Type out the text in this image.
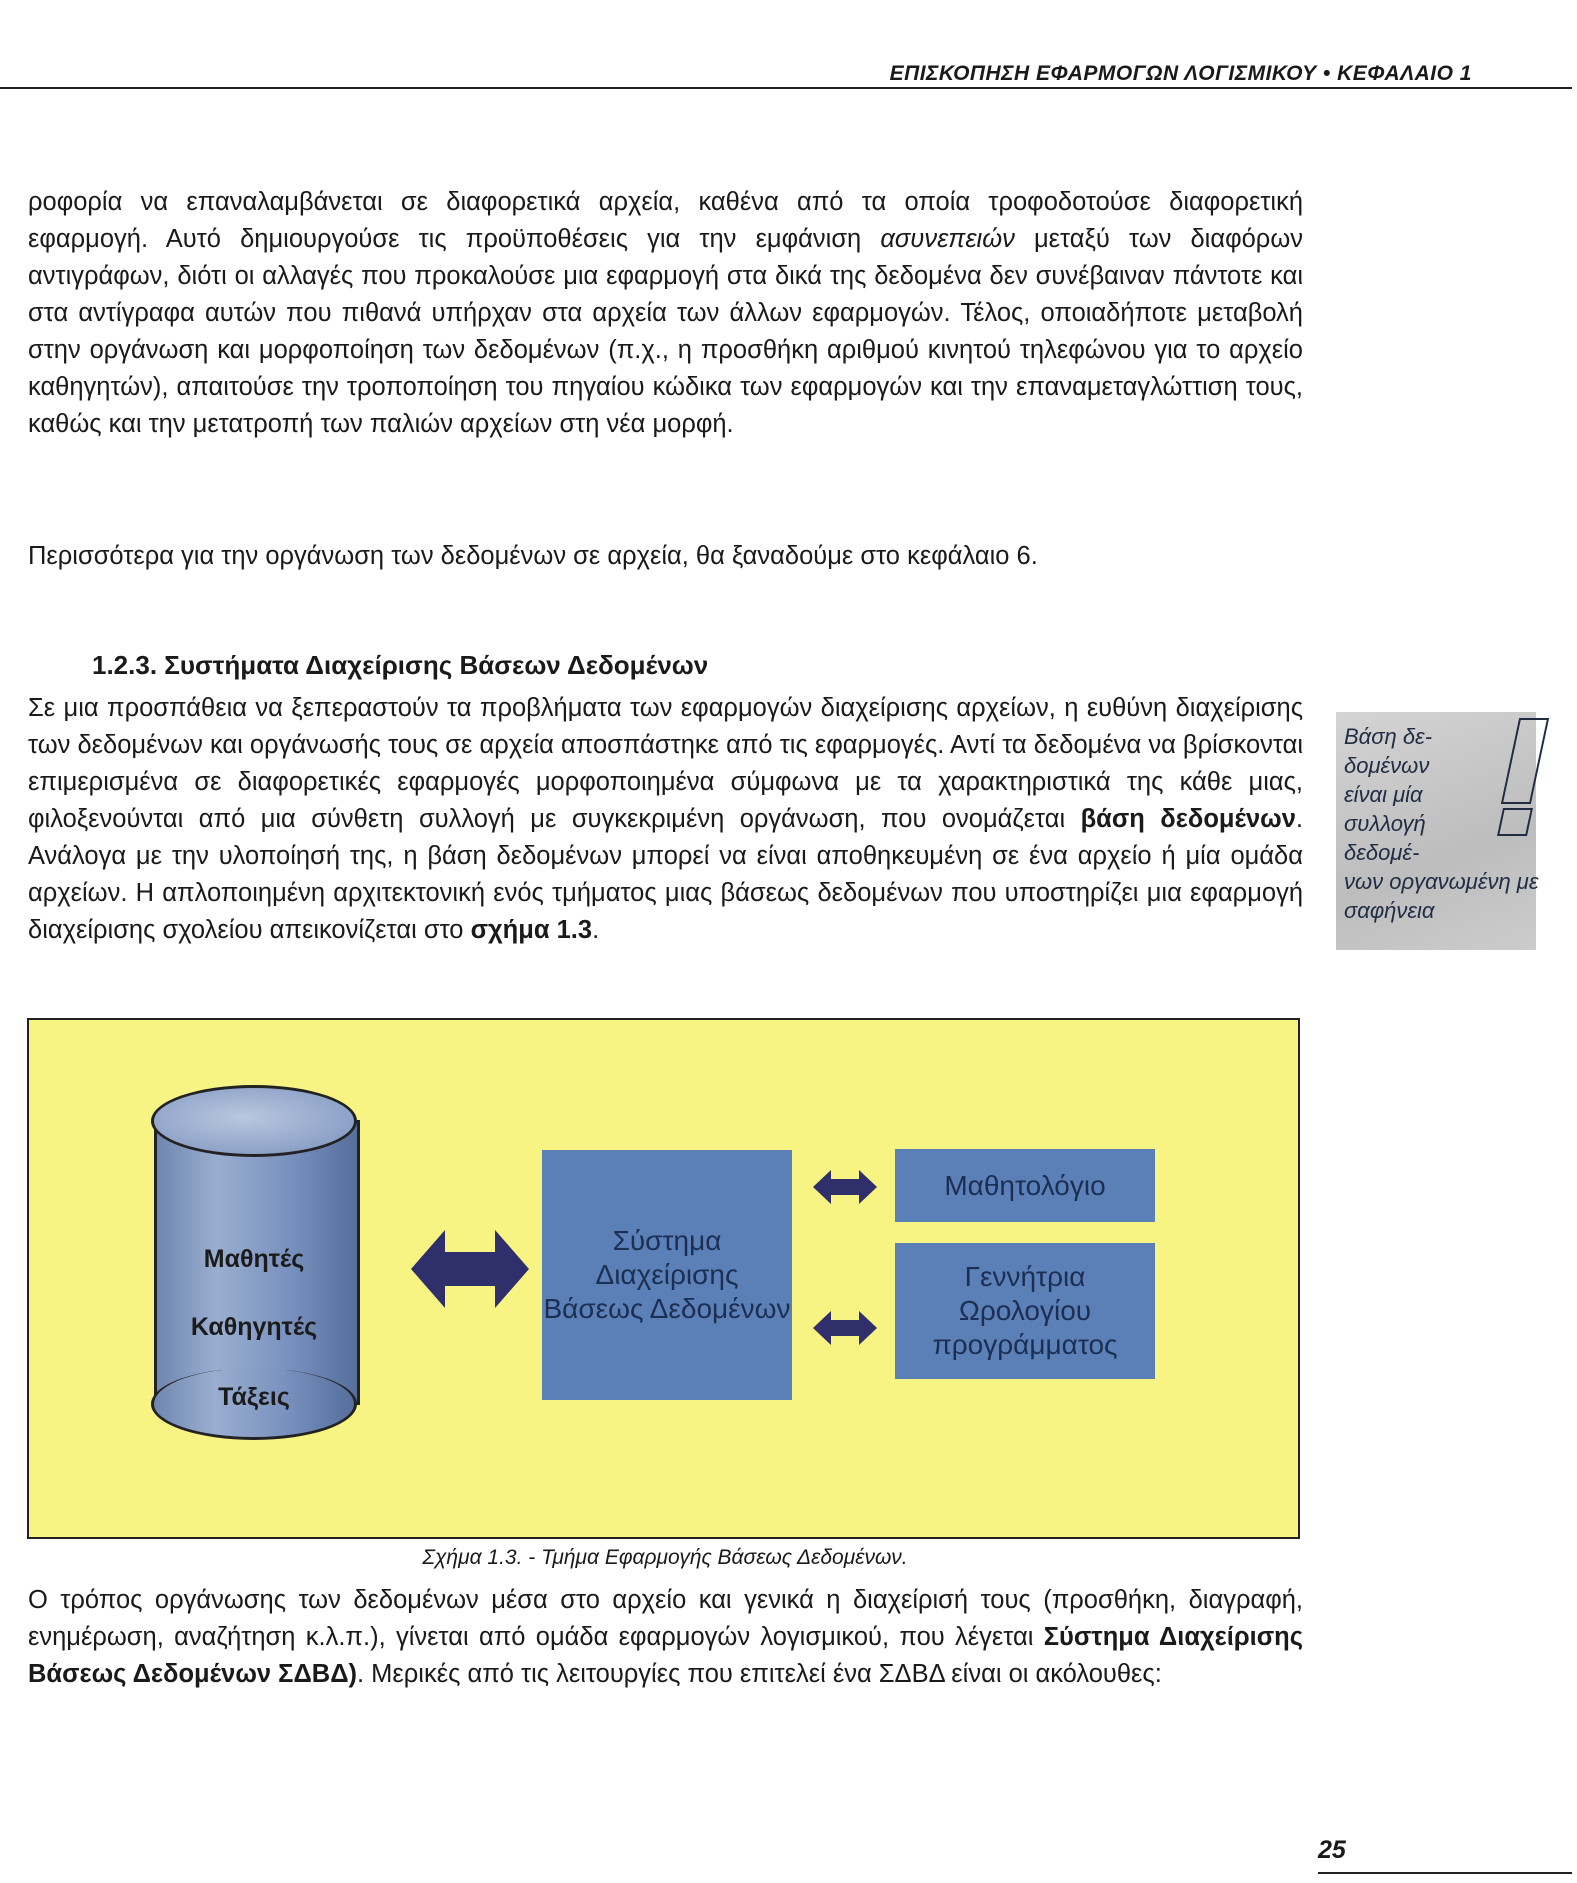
ΕΠΙΣΚΟΠΗΣΗ ΕΦΑΡΜΟΓΩΝ ΛΟΓΙΣΜΙΚΟΥ • ΚΕΦΑΛΑΙΟ 1

ροφορία να επαναλαμβάνεται σε διαφορετικά αρχεία, καθένα από τα οποία τροφοδοτούσε διαφορετική εφαρμογή. Αυτό δημιουργούσε τις προϋποθέσεις για την εμφάνιση ασυνεπειών μεταξύ των διαφόρων αντιγράφων, διότι οι αλλαγές που προκαλούσε μια εφαρμογή στα δικά της δεδομένα δεν συνέβαιναν πάντοτε και στα αντίγραφα αυτών που πιθανά υπήρχαν στα αρχεία των άλλων εφαρμογών. Τέλος, οποιαδήποτε μεταβολή στην οργάνωση και μορφοποίηση των δεδομένων (π.χ., η προσθήκη αριθμού κινητού τηλεφώνου για το αρχείο καθηγητών), απαιτούσε την τροποποίηση του πηγαίου κώδικα των εφαρμογών και την επαναμεταγλώττιση τους, καθώς και την μετατροπή των παλιών αρχείων στη νέα μορφή.

Περισσότερα για την οργάνωση των δεδομένων σε αρχεία, θα ξαναδούμε στο κεφάλαιο 6.

1.2.3. Συστήματα Διαχείρισης Βάσεων Δεδομένων

Σε μια προσπάθεια να ξεπεραστούν τα προβλήματα των εφαρμογών διαχείρισης αρχείων, η ευθύνη διαχείρισης των δεδομένων και οργάνωσής τους σε αρχεία αποσπάστηκε από τις εφαρμογές. Αντί τα δεδομένα να βρίσκονται επιμερισμένα σε διαφορετικές εφαρμογές μορφοποιημένα σύμφωνα με τα χαρακτηριστικά της κάθε μιας, φιλοξενούνται από μια σύνθετη συλλογή με συγκεκριμένη οργάνωση, που ονομάζεται βάση δεδομένων. Ανάλογα με την υλοποίησή της, η βάση δεδομένων μπορεί να είναι αποθηκευμένη σε ένα αρχείο ή μία ομάδα αρχείων. Η απλοποιημένη αρχιτεκτονική ενός τμήματος μιας βάσεως δεδομένων που υποστηρίζει μια εφαρμογή διαχείρισης σχολείου απεικονίζεται στο σχήμα 1.3.

Βάση δε-
δομένων
είναι μία
συλλογή
δεδομέ-
νων οργανωμένη με
σαφήνεια
Μαθητές
Καθηγητές
Τάξεις
Σύστημα Διαχείρισης Βάσεως Δεδομένων
Μαθητολόγιο
Γεννήτρια Ωρολογίου προγράμματος

Σχήμα 1.3. - Τμήμα Εφαρμογής Βάσεως Δεδομένων.

Ο τρόπος οργάνωσης των δεδομένων μέσα στο αρχείο και γενικά η διαχείρισή τους (προσθήκη, διαγραφή, ενημέρωση, αναζήτηση κ.λ.π.), γίνεται από ομάδα εφαρμογών λογισμικού, που λέγεται Σύστημα Διαχείρισης Βάσεως Δεδομένων ΣΔΒΔ). Μερικές από τις λειτουργίες που επιτελεί ένα ΣΔΒΔ είναι οι ακόλουθες:

25
